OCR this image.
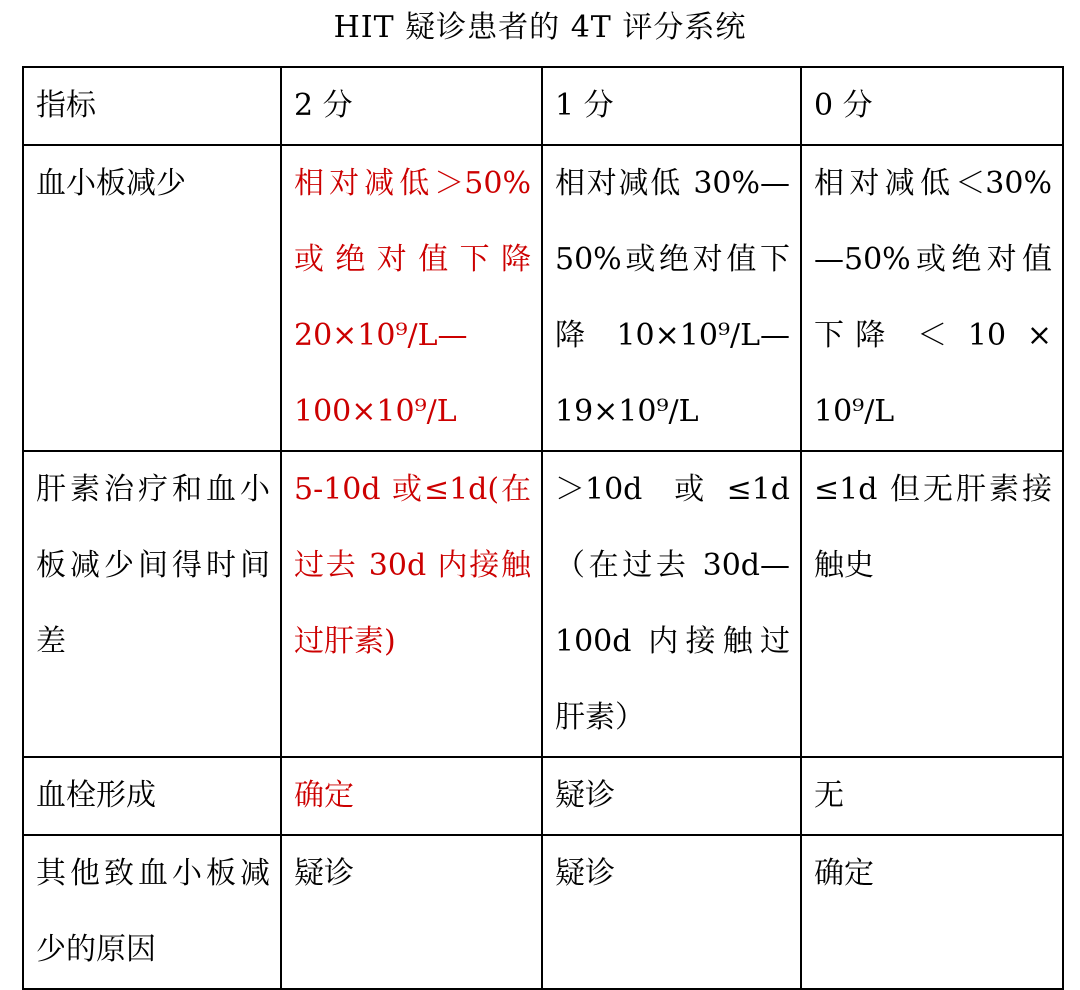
HIT 疑诊患者的 4T 评分系统
指标	2 分	1 分	0 分
血小板减少	相对减低＞50%或绝对值下降 20×10⁹/L—100×10⁹/L	相对减低 30%—50%或绝对值下降 10×10⁹/L—19×10⁹/L	相对减低＜30%—50%或绝对值下降 ＜ 10 × 10⁹/L
肝素治疗和血小板减少间得时间差	5-10d 或≤1d(在过去 30d 内接触过肝素)	＞10d 或≤1d（在过去 30d—100d 内接触过肝素）	≤1d 但无肝素接触史
血栓形成	确定	疑诊	无
其他致血小板减少的原因	疑诊	疑诊	确定
